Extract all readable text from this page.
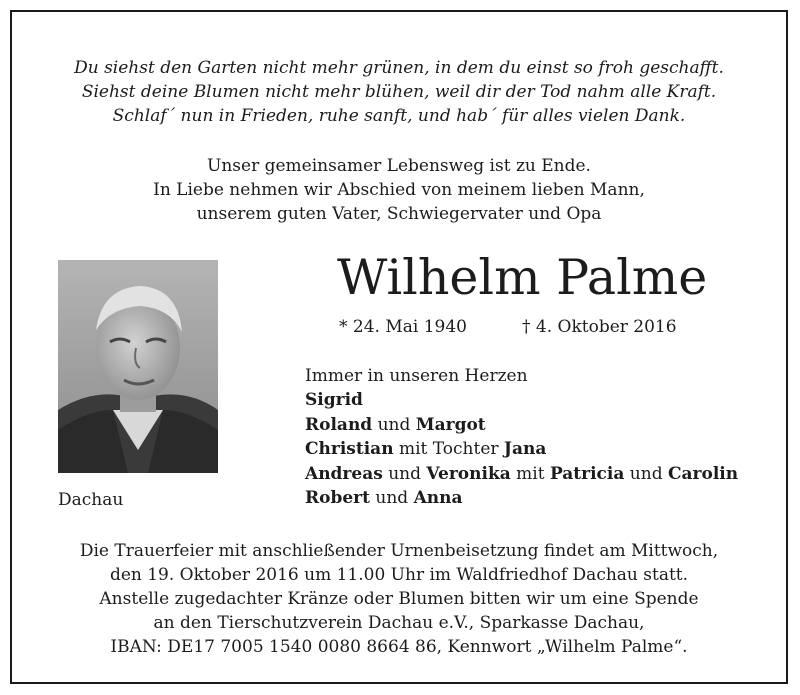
Du siehst den Garten nicht mehr grünen, in dem du einst so froh geschafft.
Siehst deine Blumen nicht mehr blühen, weil dir der Tod nahm alle Kraft.
Schlaf´ nun in Frieden, ruhe sanft, und hab´ für alles vielen Dank.
Unser gemeinsamer Lebensweg ist zu Ende.
In Liebe nehmen wir Abschied von meinem lieben Mann,
unserem guten Vater, Schwiegervater und Opa
Dachau
Wilhelm Palme
* 24. Mai 1940	† 4. Oktober 2016
Immer in unseren Herzen
Sigrid
Roland und Margot
Christian mit Tochter Jana
Andreas und Veronika mit Patricia und Carolin
Robert und Anna
Die Trauerfeier mit anschließender Urnenbeisetzung findet am Mittwoch,
den 19. Oktober 2016 um 11.00 Uhr im Waldfriedhof Dachau statt.
Anstelle zugedachter Kränze oder Blumen bitten wir um eine Spende
an den Tierschutzverein Dachau e.V., Sparkasse Dachau,
IBAN: DE17 7005 1540 0080 8664 86, Kennwort „Wilhelm Palme“.
